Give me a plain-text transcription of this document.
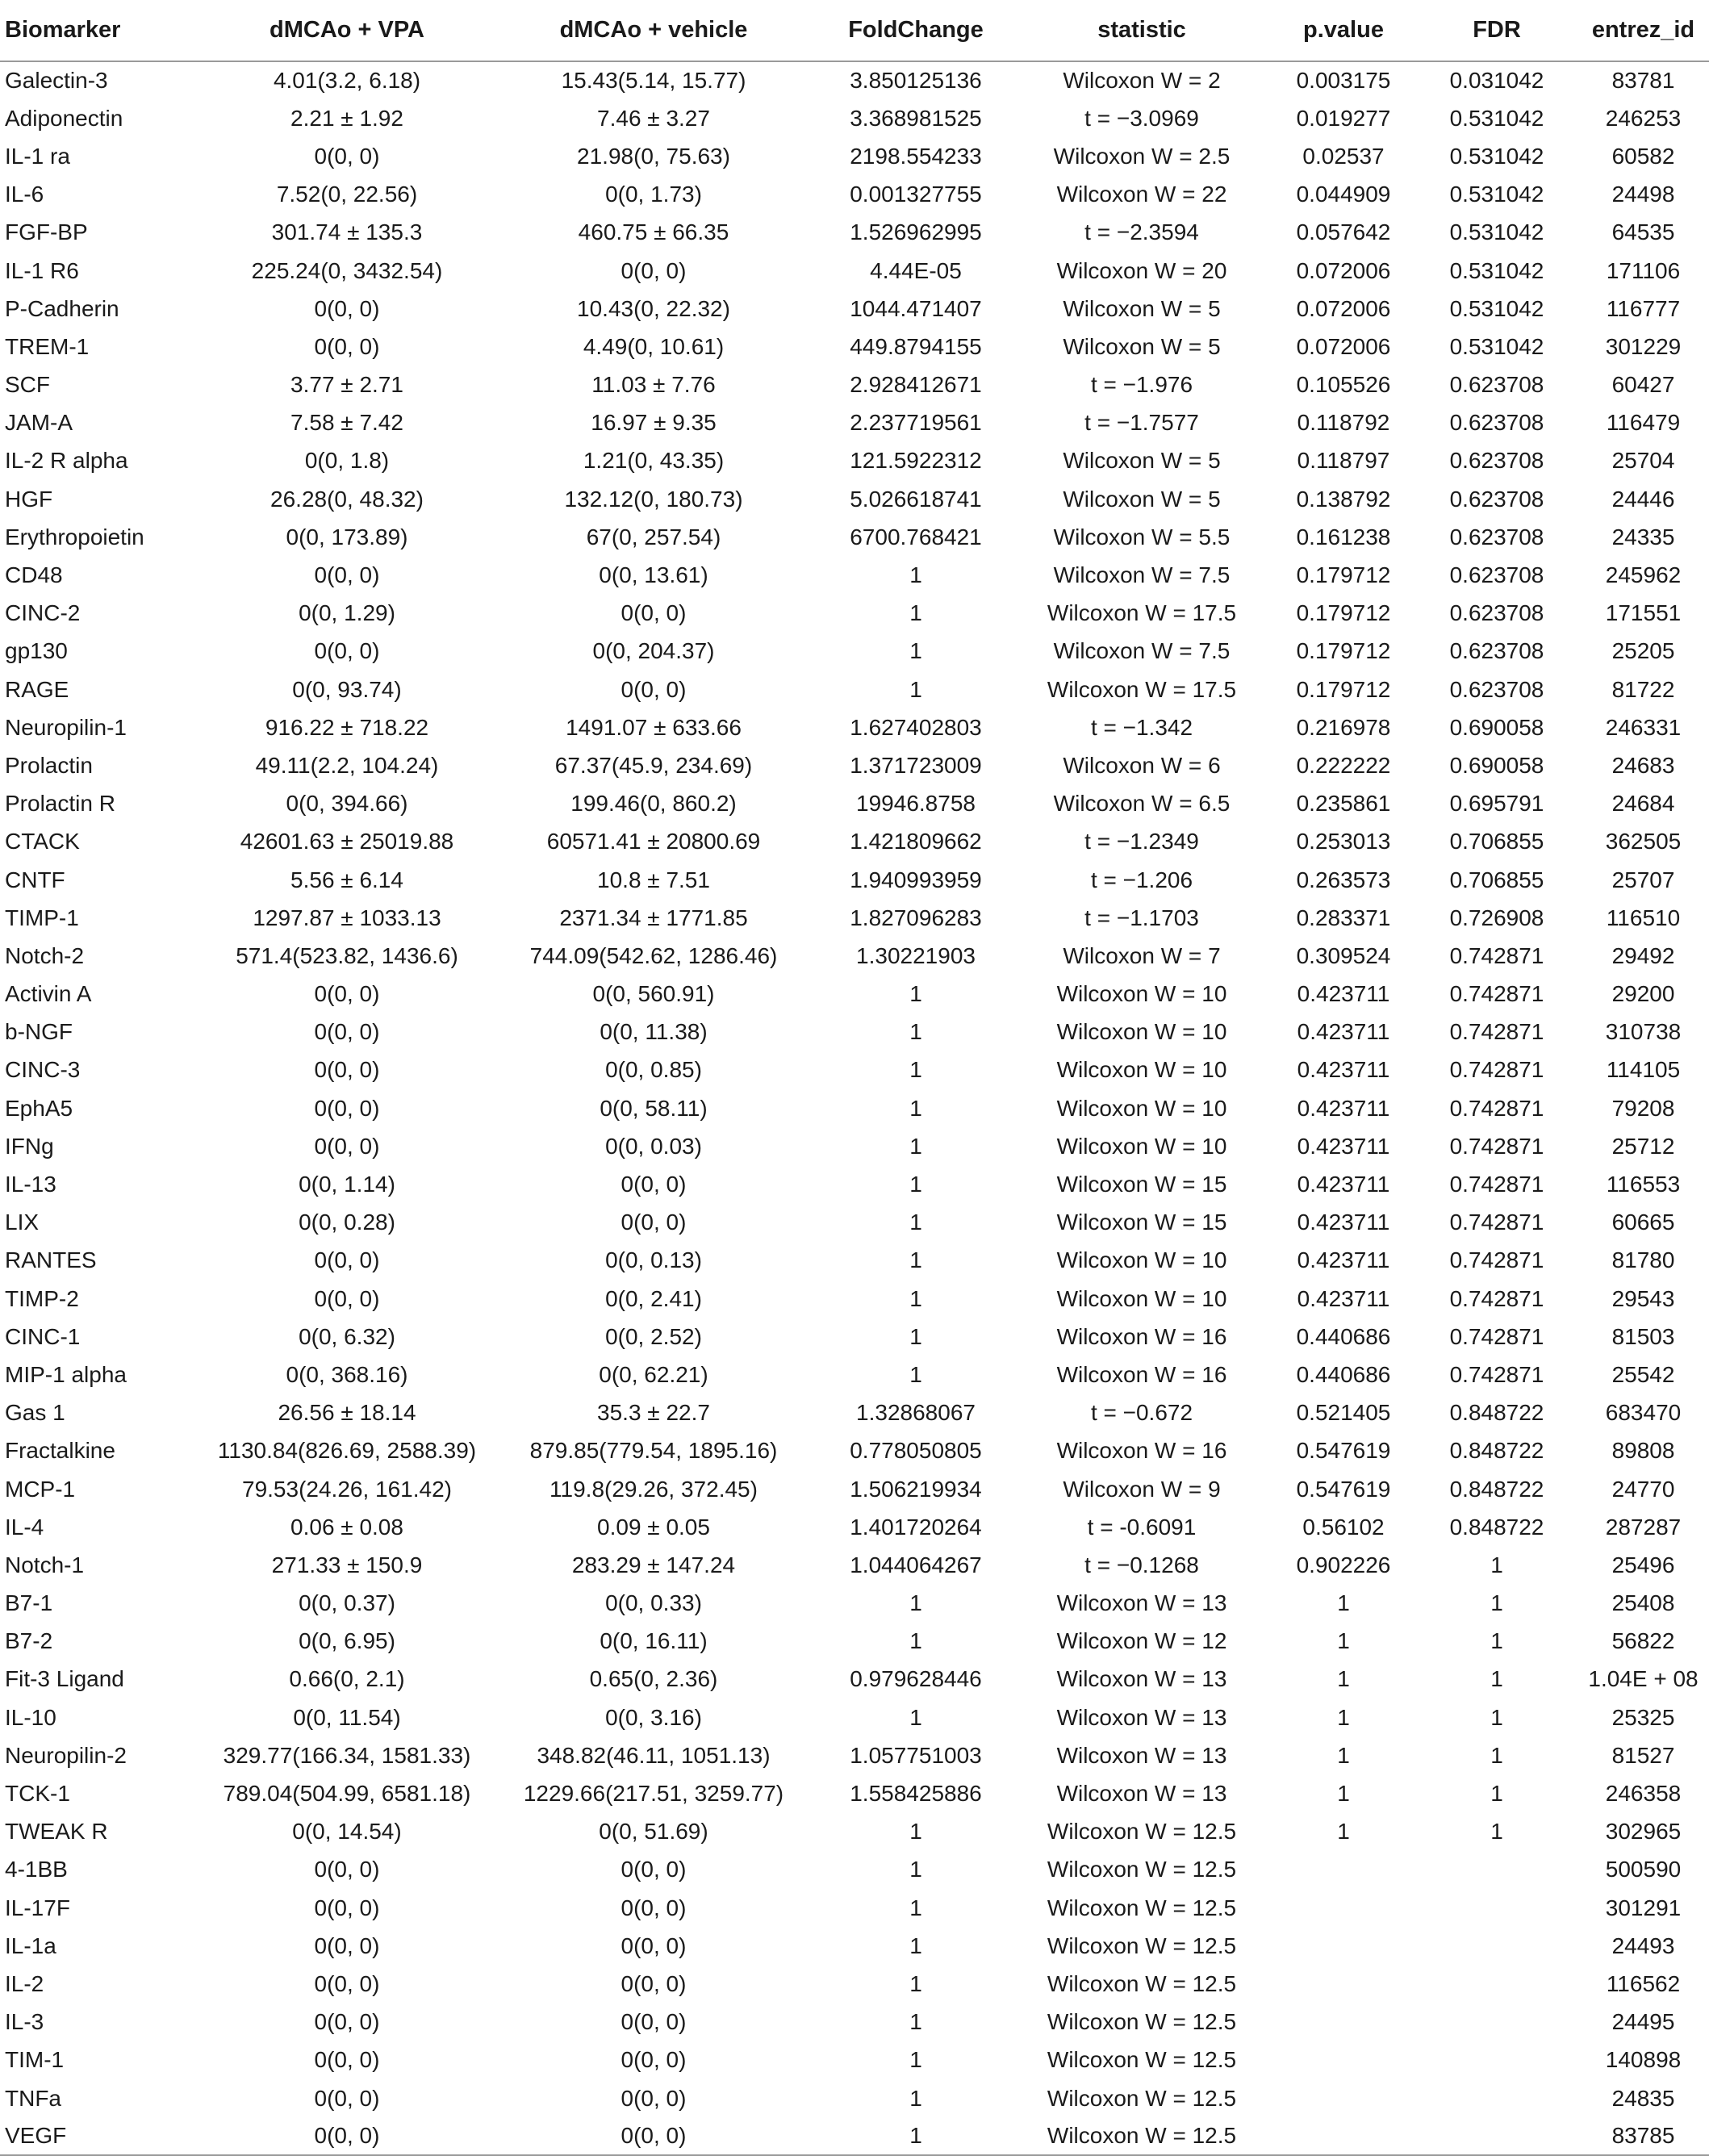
Biomarker	dMCAo + VPA	dMCAo + vehicle	FoldChange	statistic	p.value	FDR	entrez_id
Galectin-3	4.01(3.2, 6.18)	15.43(5.14, 15.77)	3.850125136	Wilcoxon W = 2	0.003175	0.031042	83781
Adiponectin	2.21 ± 1.92	7.46 ± 3.27	3.368981525	t = −3.0969	0.019277	0.531042	246253
IL-1 ra	0(0, 0)	21.98(0, 75.63)	2198.554233	Wilcoxon W = 2.5	0.02537	0.531042	60582
IL-6	7.52(0, 22.56)	0(0, 1.73)	0.001327755	Wilcoxon W = 22	0.044909	0.531042	24498
FGF-BP	301.74 ± 135.3	460.75 ± 66.35	1.526962995	t = −2.3594	0.057642	0.531042	64535
IL-1 R6	225.24(0, 3432.54)	0(0, 0)	4.44E-05	Wilcoxon W = 20	0.072006	0.531042	171106
P-Cadherin	0(0, 0)	10.43(0, 22.32)	1044.471407	Wilcoxon W = 5	0.072006	0.531042	116777
TREM-1	0(0, 0)	4.49(0, 10.61)	449.8794155	Wilcoxon W = 5	0.072006	0.531042	301229
SCF	3.77 ± 2.71	11.03 ± 7.76	2.928412671	t = −1.976	0.105526	0.623708	60427
JAM-A	7.58 ± 7.42	16.97 ± 9.35	2.237719561	t = −1.7577	0.118792	0.623708	116479
IL-2 R alpha	0(0, 1.8)	1.21(0, 43.35)	121.5922312	Wilcoxon W = 5	0.118797	0.623708	25704
HGF	26.28(0, 48.32)	132.12(0, 180.73)	5.026618741	Wilcoxon W = 5	0.138792	0.623708	24446
Erythropoietin	0(0, 173.89)	67(0, 257.54)	6700.768421	Wilcoxon W = 5.5	0.161238	0.623708	24335
CD48	0(0, 0)	0(0, 13.61)	1	Wilcoxon W = 7.5	0.179712	0.623708	245962
CINC-2	0(0, 1.29)	0(0, 0)	1	Wilcoxon W = 17.5	0.179712	0.623708	171551
gp130	0(0, 0)	0(0, 204.37)	1	Wilcoxon W = 7.5	0.179712	0.623708	25205
RAGE	0(0, 93.74)	0(0, 0)	1	Wilcoxon W = 17.5	0.179712	0.623708	81722
Neuropilin-1	916.22 ± 718.22	1491.07 ± 633.66	1.627402803	t = −1.342	0.216978	0.690058	246331
Prolactin	49.11(2.2, 104.24)	67.37(45.9, 234.69)	1.371723009	Wilcoxon W = 6	0.222222	0.690058	24683
Prolactin R	0(0, 394.66)	199.46(0, 860.2)	19946.8758	Wilcoxon W = 6.5	0.235861	0.695791	24684
CTACK	42601.63 ± 25019.88	60571.41 ± 20800.69	1.421809662	t = −1.2349	0.253013	0.706855	362505
CNTF	5.56 ± 6.14	10.8 ± 7.51	1.940993959	t = −1.206	0.263573	0.706855	25707
TIMP-1	1297.87 ± 1033.13	2371.34 ± 1771.85	1.827096283	t = −1.1703	0.283371	0.726908	116510
Notch-2	571.4(523.82, 1436.6)	744.09(542.62, 1286.46)	1.30221903	Wilcoxon W = 7	0.309524	0.742871	29492
Activin A	0(0, 0)	0(0, 560.91)	1	Wilcoxon W = 10	0.423711	0.742871	29200
b-NGF	0(0, 0)	0(0, 11.38)	1	Wilcoxon W = 10	0.423711	0.742871	310738
CINC-3	0(0, 0)	0(0, 0.85)	1	Wilcoxon W = 10	0.423711	0.742871	114105
EphA5	0(0, 0)	0(0, 58.11)	1	Wilcoxon W = 10	0.423711	0.742871	79208
IFNg	0(0, 0)	0(0, 0.03)	1	Wilcoxon W = 10	0.423711	0.742871	25712
IL-13	0(0, 1.14)	0(0, 0)	1	Wilcoxon W = 15	0.423711	0.742871	116553
LIX	0(0, 0.28)	0(0, 0)	1	Wilcoxon W = 15	0.423711	0.742871	60665
RANTES	0(0, 0)	0(0, 0.13)	1	Wilcoxon W = 10	0.423711	0.742871	81780
TIMP-2	0(0, 0)	0(0, 2.41)	1	Wilcoxon W = 10	0.423711	0.742871	29543
CINC-1	0(0, 6.32)	0(0, 2.52)	1	Wilcoxon W = 16	0.440686	0.742871	81503
MIP-1 alpha	0(0, 368.16)	0(0, 62.21)	1	Wilcoxon W = 16	0.440686	0.742871	25542
Gas 1	26.56 ± 18.14	35.3 ± 22.7	1.32868067	t = −0.672	0.521405	0.848722	683470
Fractalkine	1130.84(826.69, 2588.39)	879.85(779.54, 1895.16)	0.778050805	Wilcoxon W = 16	0.547619	0.848722	89808
MCP-1	79.53(24.26, 161.42)	119.8(29.26, 372.45)	1.506219934	Wilcoxon W = 9	0.547619	0.848722	24770
IL-4	0.06 ± 0.08	0.09 ± 0.05	1.401720264	t = -0.6091	0.56102	0.848722	287287
Notch-1	271.33 ± 150.9	283.29 ± 147.24	1.044064267	t = −0.1268	0.902226	1	25496
B7-1	0(0, 0.37)	0(0, 0.33)	1	Wilcoxon W = 13	1	1	25408
B7-2	0(0, 6.95)	0(0, 16.11)	1	Wilcoxon W = 12	1	1	56822
Fit-3 Ligand	0.66(0, 2.1)	0.65(0, 2.36)	0.979628446	Wilcoxon W = 13	1	1	1.04E + 08
IL-10	0(0, 11.54)	0(0, 3.16)	1	Wilcoxon W = 13	1	1	25325
Neuropilin-2	329.77(166.34, 1581.33)	348.82(46.11, 1051.13)	1.057751003	Wilcoxon W = 13	1	1	81527
TCK-1	789.04(504.99, 6581.18)	1229.66(217.51, 3259.77)	1.558425886	Wilcoxon W = 13	1	1	246358
TWEAK R	0(0, 14.54)	0(0, 51.69)	1	Wilcoxon W = 12.5	1	1	302965
4-1BB	0(0, 0)	0(0, 0)	1	Wilcoxon W = 12.5			500590
IL-17F	0(0, 0)	0(0, 0)	1	Wilcoxon W = 12.5			301291
IL-1a	0(0, 0)	0(0, 0)	1	Wilcoxon W = 12.5			24493
IL-2	0(0, 0)	0(0, 0)	1	Wilcoxon W = 12.5			116562
IL-3	0(0, 0)	0(0, 0)	1	Wilcoxon W = 12.5			24495
TIM-1	0(0, 0)	0(0, 0)	1	Wilcoxon W = 12.5			140898
TNFa	0(0, 0)	0(0, 0)	1	Wilcoxon W = 12.5			24835
VEGF	0(0, 0)	0(0, 0)	1	Wilcoxon W = 12.5			83785
